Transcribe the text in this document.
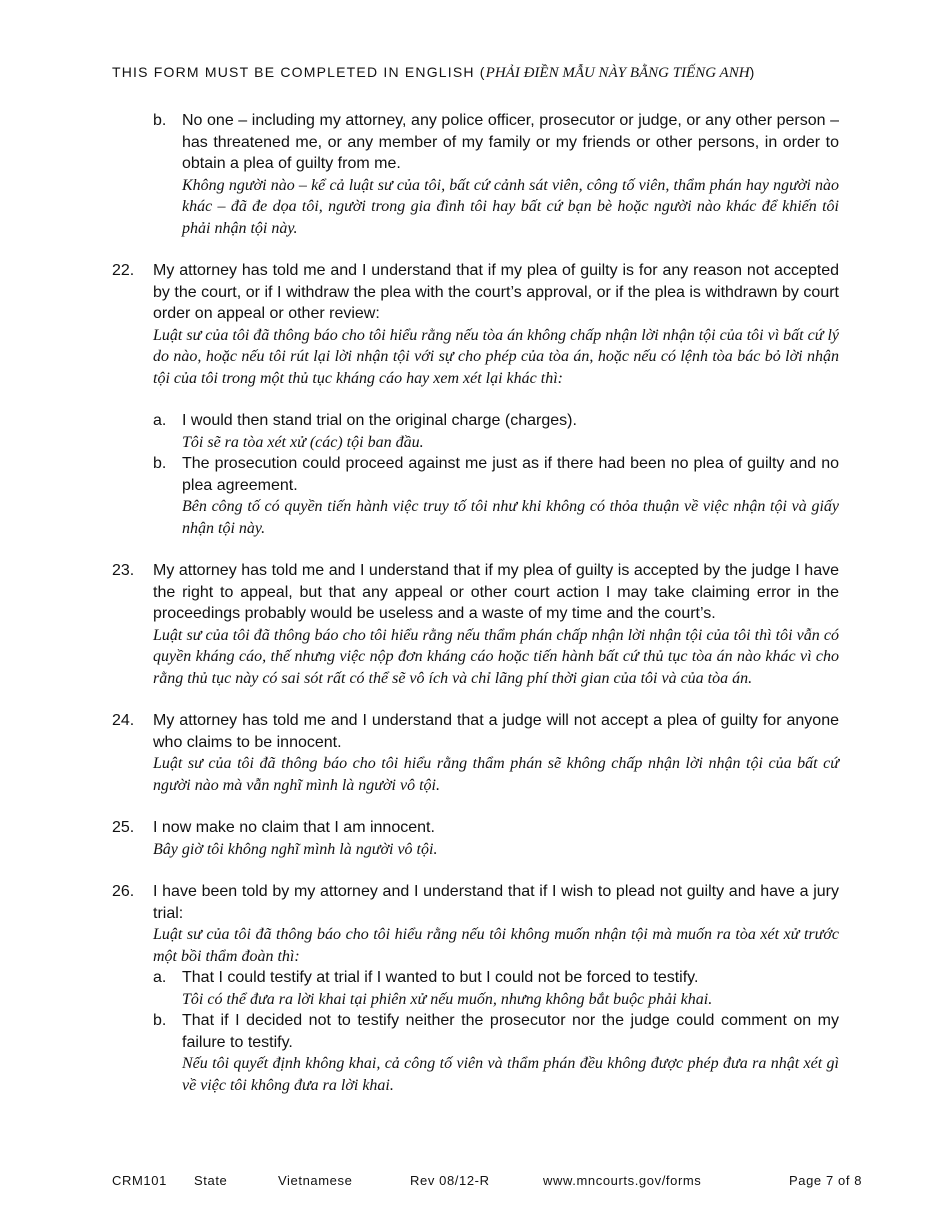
THIS FORM MUST BE COMPLETED IN ENGLISH (PHẢI ĐIỀN MẪU NÀY BẰNG TIẾNG ANH)
b. No one – including my attorney, any police officer, prosecutor or judge, or any other person – has threatened me, or any member of my family or my friends or other persons, in order to obtain a plea of guilty from me.
Không người nào – kể cả luật sư của tôi, bất cứ cảnh sát viên, công tố viên, thẩm phán hay người nào khác – đã đe dọa tôi, người trong gia đình tôi hay bất cứ bạn bè hoặc người nào khác để khiến tôi phải nhận tội này.
22. My attorney has told me and I understand that if my plea of guilty is for any reason not accepted by the court, or if I withdraw the plea with the court’s approval, or if the plea is withdrawn by court order on appeal or other review:
Luật sư của tôi đã thông báo cho tôi hiểu rằng nếu tòa án không chấp nhận lời nhận tội của tôi vì bất cứ lý do nào, hoặc nếu tôi rút lại lời nhận tội với sự cho phép của tòa án, hoặc nếu có lệnh tòa bác bỏ lời nhận tội của tôi trong một thủ tục kháng cáo hay xem xét lại khác thì:
a. I would then stand trial on the original charge (charges).
Tôi sẽ ra tòa xét xử (các) tội ban đầu.
b. The prosecution could proceed against me just as if there had been no plea of guilty and no plea agreement.
Bên công tố có quyền tiến hành việc truy tố tôi như khi không có thỏa thuận về việc nhận tội và giấy nhận tội này.
23. My attorney has told me and I understand that if my plea of guilty is accepted by the judge I have the right to appeal, but that any appeal or other court action I may take claiming error in the proceedings probably would be useless and a waste of my time and the court’s.
Luật sư của tôi đã thông báo cho tôi hiểu rằng nếu thẩm phán chấp nhận lời nhận tội của tôi thì tôi vẫn có quyền kháng cáo, thế nhưng việc nộp đơn kháng cáo hoặc tiến hành bất cứ thủ tục tòa án nào khác vì cho rằng thủ tục này có sai sót rất có thể sẽ vô ích và chỉ lãng phí thời gian của tôi và của tòa án.
24. My attorney has told me and I understand that a judge will not accept a plea of guilty for anyone who claims to be innocent.
Luật sư của tôi đã thông báo cho tôi hiểu rằng thẩm phán sẽ không chấp nhận lời nhận tội của bất cứ người nào mà vẫn nghĩ mình là người vô tội.
25. I now make no claim that I am innocent.
Bây giờ tôi không nghĩ mình là người vô tội.
26. I have been told by my attorney and I understand that if I wish to plead not guilty and have a jury trial:
Luật sư của tôi đã thông báo cho tôi hiểu rằng nếu tôi không muốn nhận tội mà muốn ra tòa xét xử trước một bồi thẩm đoàn thì:
a. That I could testify at trial if I wanted to but I could not be forced to testify.
Tôi có thể đưa ra lời khai tại phiên xử nếu muốn, nhưng không bắt buộc phải khai.
b. That if I decided not to testify neither the prosecutor nor the judge could comment on my failure to testify.
Nếu tôi quyết định không khai, cả công tố viên và thẩm phán đều không được phép đưa ra nhật xét gì về việc tôi không đưa ra lời khai.
CRM101 State	Vietnamese	Rev 08/12-R	www.mncourts.gov/forms	Page 7 of 8
